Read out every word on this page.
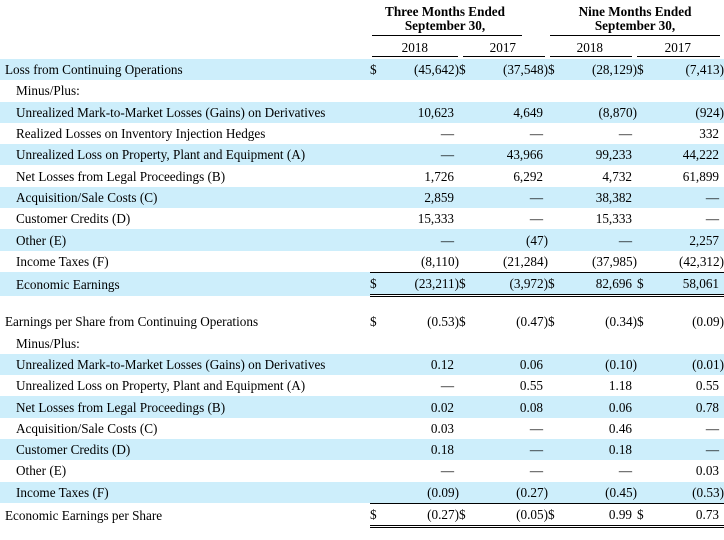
Three Months Ended
September 30,
Nine Months Ended
September 30,
2018	2017	2018	2017
Loss from Continuing Operations	$	(45,642)	$	(37,548)	$	(28,129)	$	(7,413)
Minus/Plus:								
Unrealized Mark-to-Market Losses (Gains) on Derivatives		10,623		4,649		(8,870)		(924)
Realized Losses on Inventory Injection Hedges		—		—		—		332
Unrealized Loss on Property, Plant and Equipment (A)		—		43,966		99,233		44,222
Net Losses from Legal Proceedings (B)		1,726		6,292		4,732		61,899
Acquisition/Sale Costs (C)		2,859		—		38,382		—
Customer Credits (D)		15,333		—		15,333		—
Other (E)		—		(47)		—		2,257
Income Taxes (F)		(8,110)		(21,284)		(37,985)		(42,312)
Economic Earnings	$	(23,211)	$	(3,972)	$	82,696	$	58,061

Earnings per Share from Continuing Operations	$	(0.53)	$	(0.47)	$	(0.34)	$	(0.09)
Minus/Plus:								
Unrealized Mark-to-Market Losses (Gains) on Derivatives		0.12		0.06		(0.10)		(0.01)
Unrealized Loss on Property, Plant and Equipment (A)		—		0.55		1.18		0.55
Net Losses from Legal Proceedings (B)		0.02		0.08		0.06		0.78
Acquisition/Sale Costs (C)		0.03		—		0.46		—
Customer Credits (D)		0.18		—		0.18		—
Other (E)		—		—		—		0.03
Income Taxes (F)		(0.09)		(0.27)		(0.45)		(0.53)
Economic Earnings per Share	$	(0.27)	$	(0.05)	$	0.99	$	0.73
